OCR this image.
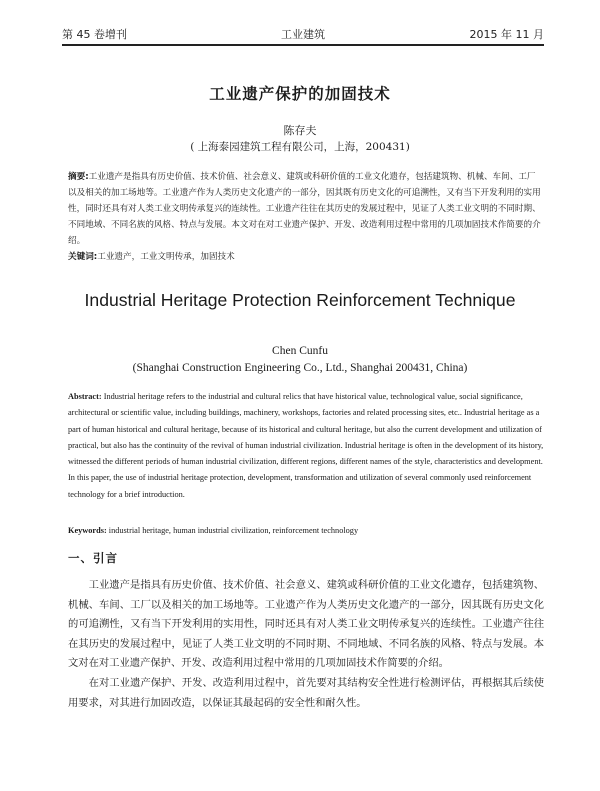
第 45 卷增刊	工业建筑	2015 年 11 月
工业遗产保护的加固技术
陈存夫
( 上海泰园建筑工程有限公司，上海，200431)
摘要:工业遗产是指具有历史价值、技术价值、社会意义、建筑或科研价值的工业文化遗存，包括建筑物、机械、车间、工厂以及相关的加工场地等。工业遗产作为人类历史文化遗产的一部分，因其既有历史文化的可追溯性，又有当下开发利用的实用性，同时还具有对人类工业文明传承复兴的连续性。工业遗产往往在其历史的发展过程中，见证了人类工业文明的不同时期、不同地域、不同名族的风格、特点与发展。本文对在对工业遗产保护、开发、改造利用过程中常用的几项加固技术作简要的介绍。
关键词:工业遗产，工业文明传承，加固技术
Industrial Heritage Protection Reinforcement Technique
Chen Cunfu
(Shanghai Construction Engineering Co., Ltd., Shanghai 200431, China)
Abstract: Industrial heritage refers to the industrial and cultural relics that have historical value, technological value, social significance, architectural or scientific value, including buildings, machinery, workshops, factories and related processing sites, etc.. Industrial heritage as a part of human historical and cultural heritage, because of its historical and cultural heritage, but also the current development and utilization of practical, but also has the continuity of the revival of human industrial civilization. Industrial heritage is often in the development of its history, witnessed the different periods of human industrial civilization, different regions, different names of the style, characteristics and development. In this paper, the use of industrial heritage protection, development, transformation and utilization of several commonly used reinforcement technology for a brief introduction.
Keywords: industrial heritage, human industrial civilization, reinforcement technology
一、引言
工业遗产是指具有历史价值、技术价值、社会意义、建筑或科研价值的工业文化遗存，包括建筑物、机械、车间、工厂以及相关的加工场地等。工业遗产作为人类历史文化遗产的一部分，因其既有历史文化的可追溯性，又有当下开发利用的实用性，同时还具有对人类工业文明传承复兴的连续性。工业遗产往往在其历史的发展过程中，见证了人类工业文明的不同时期、不同地域、不同名族的风格、特点与发展。本文对在对工业遗产保护、开发、改造利用过程中常用的几项加固技术作简要的介绍。
在对工业遗产保护、开发、改造利用过程中，首先要对其结构安全性进行检测评估，再根据其后续使用要求，对其进行加固改造，以保证其最起码的安全性和耐久性。
